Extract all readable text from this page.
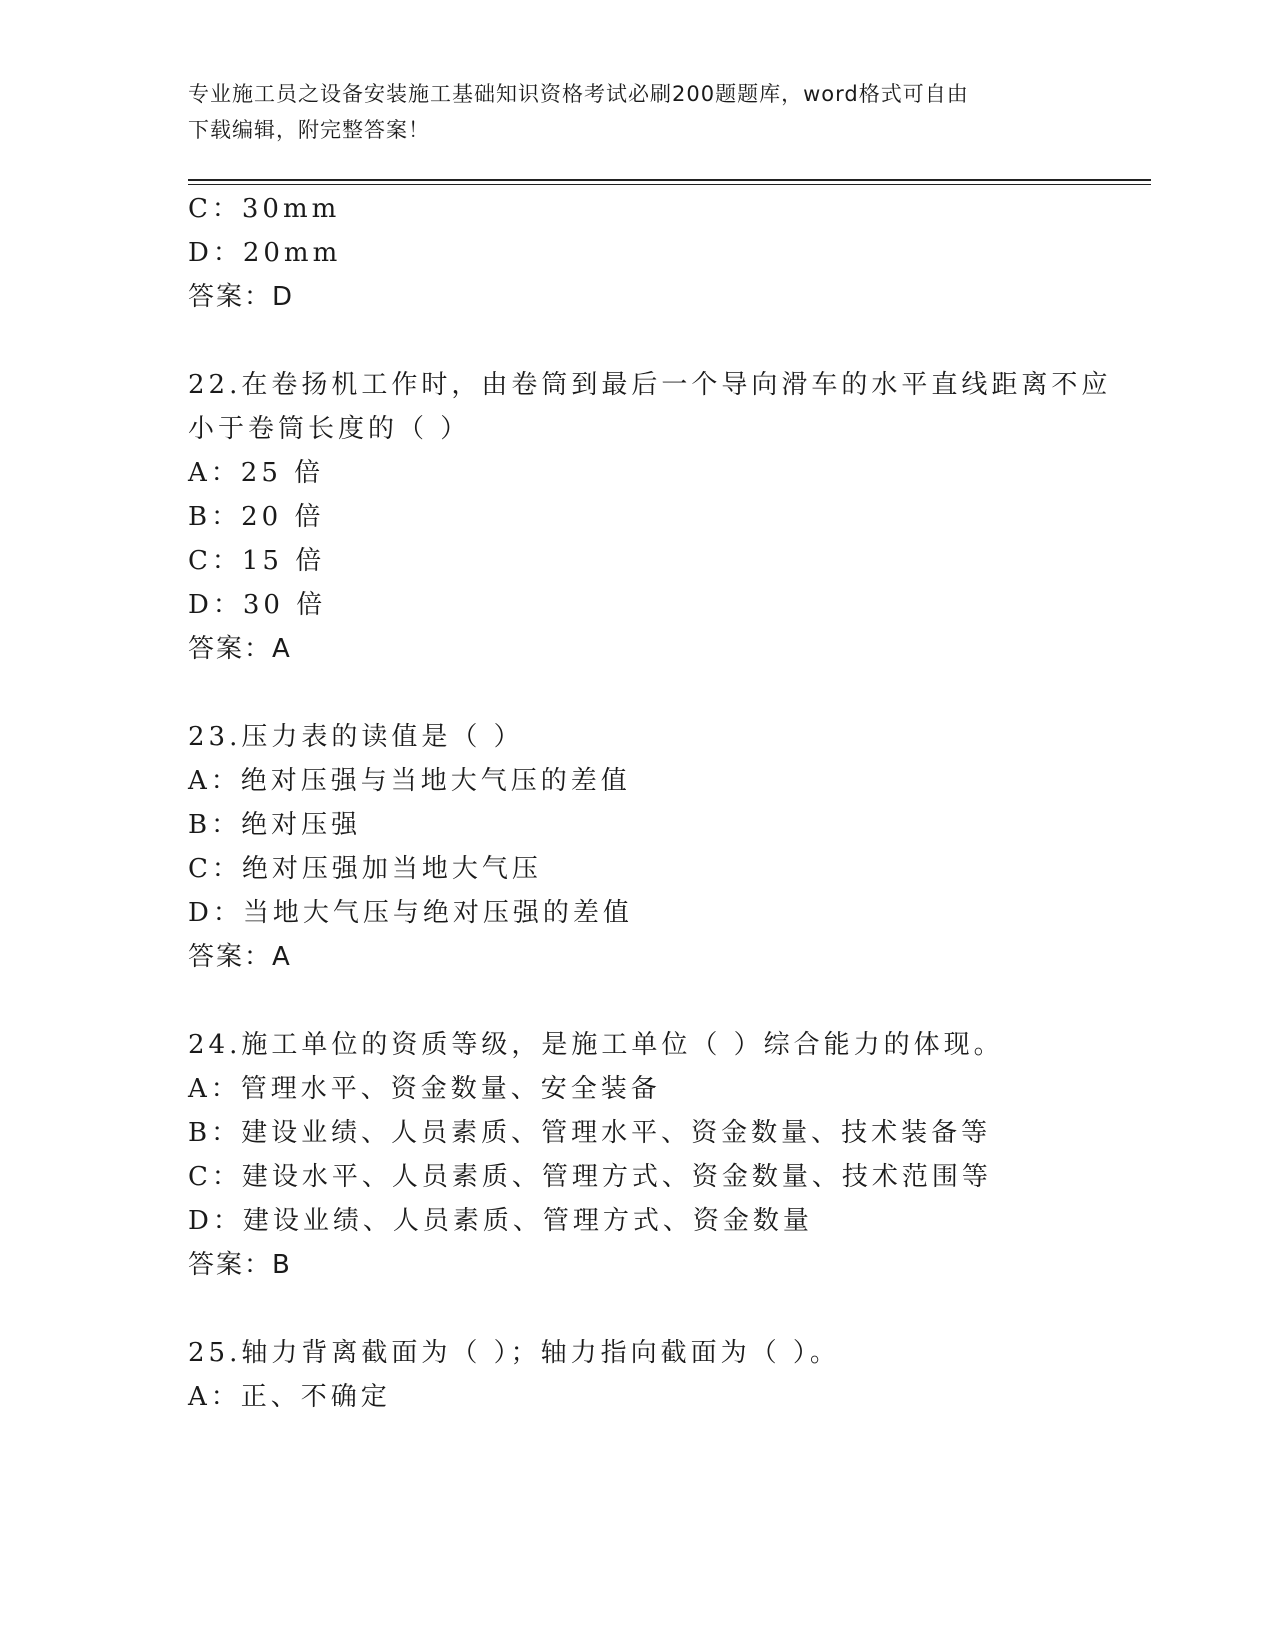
专业施工员之设备安装施工基础知识资格考试必刷200题题库，word格式可自由
下载编辑，附完整答案！
C：30mm
D：20mm
答案：D
22.在卷扬机工作时，由卷筒到最后一个导向滑车的水平直线距离不应
小于卷筒长度的（ ）
A：25 倍
B：20 倍
C：15 倍
D：30 倍
答案：A
23.压力表的读值是（ ）
A：绝对压强与当地大气压的差值
B：绝对压强
C：绝对压强加当地大气压
D：当地大气压与绝对压强的差值
答案：A
24.施工单位的资质等级，是施工单位（ ）综合能力的体现。
A：管理水平、资金数量、安全装备
B：建设业绩、人员素质、管理水平、资金数量、技术装备等
C：建设水平、人员素质、管理方式、资金数量、技术范围等
D：建设业绩、人员素质、管理方式、资金数量
答案：B
25.轴力背离截面为（ ）；轴力指向截面为（ ）。
A：正、不确定
